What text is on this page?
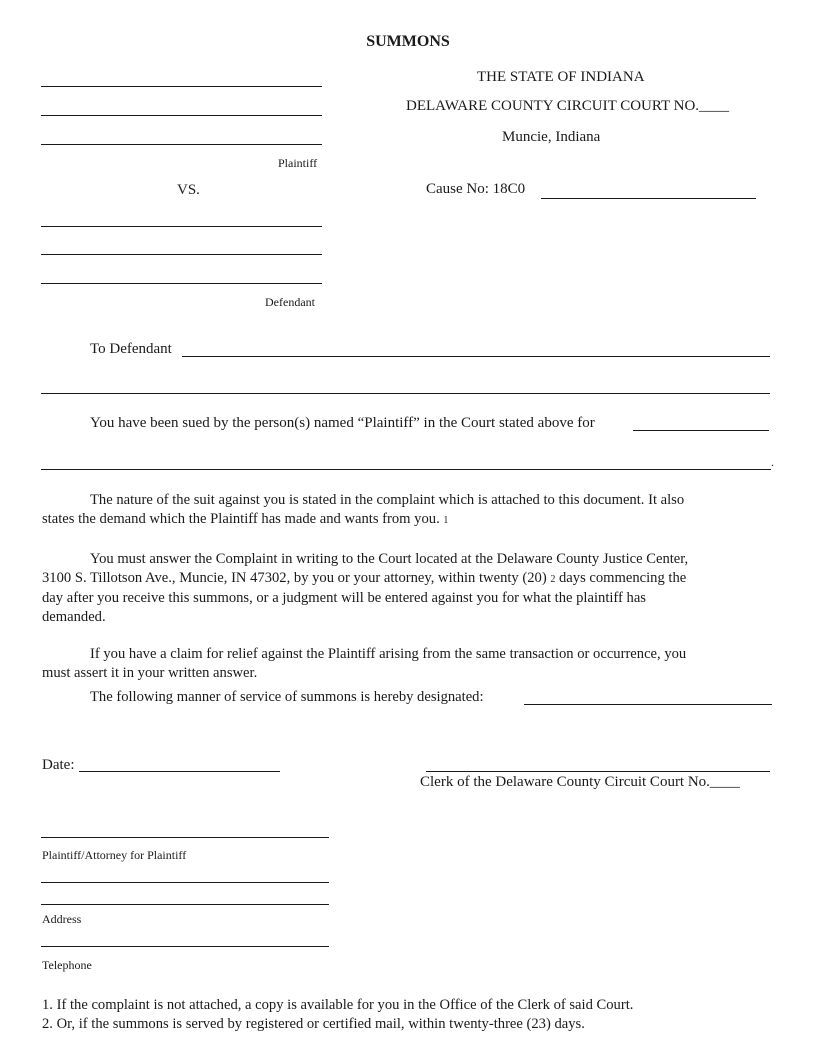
SUMMONS
Plaintiff
VS.
Defendant
THE STATE OF INDIANA
DELAWARE COUNTY CIRCUIT COURT NO.____
Muncie, Indiana
Cause No: 18C0
To Defendant
You have been sued by the person(s) named “Plaintiff” in the Court stated above for
.
The nature of the suit against you is stated in the complaint which is attached to this document. It also
states the demand which the Plaintiff has made and wants from you. 1
You must answer the Complaint in writing to the Court located at the Delaware County Justice Center,
3100 S. Tillotson Ave., Muncie, IN 47302, by you or your attorney, within twenty (20) 2 days commencing the
day after you receive this summons, or a judgment will be entered against you for what the plaintiff has
demanded.
If you have a claim for relief against the Plaintiff arising from the same transaction or occurrence, you
must assert it in your written answer.
The following manner of service of summons is hereby designated:
Date:
Clerk of the Delaware County Circuit Court No.____
Plaintiff/Attorney for Plaintiff
Address
Telephone
1. If the complaint is not attached, a copy is available for you in the Office of the Clerk of said Court.
2. Or, if the summons is served by registered or certified mail, within twenty-three (23) days.
